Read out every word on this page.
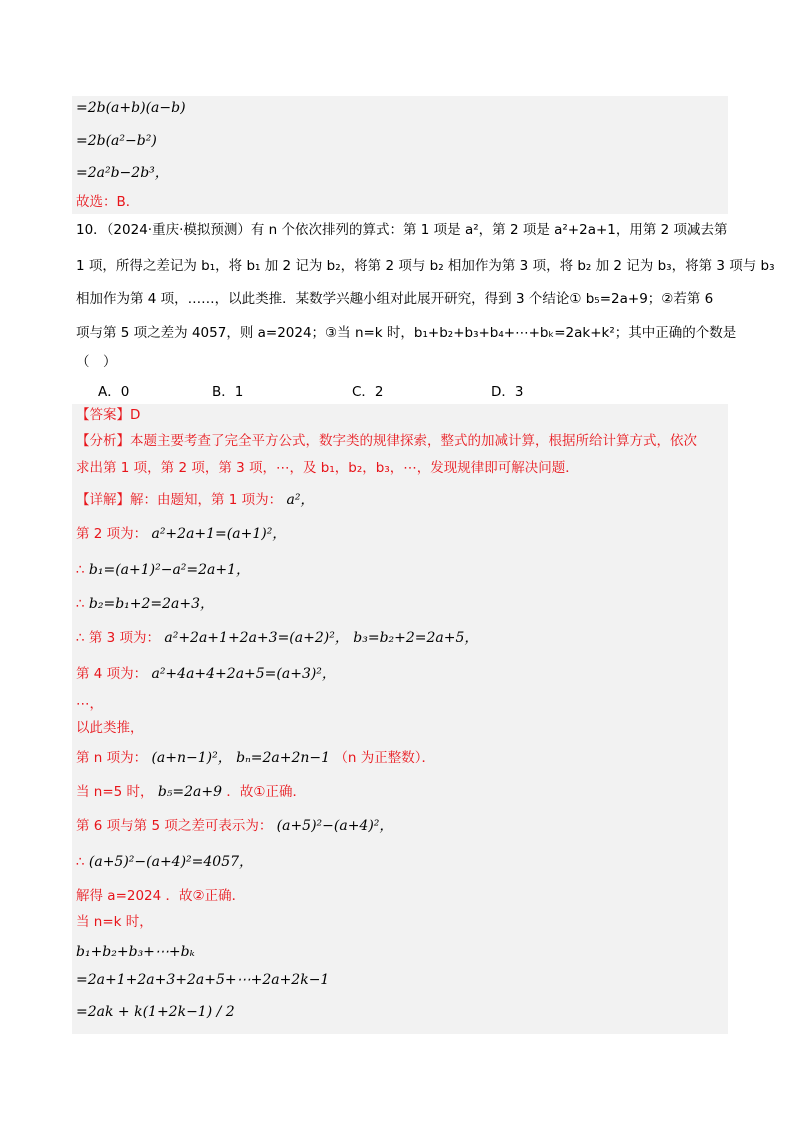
=2b(a+b)(a−b)
=2b(a²−b²)
=2a²b−2b³，
故选：B．
10．（2024·重庆·模拟预测）有 n 个依次排列的算式：第 1 项是 a²，第 2 项是 a²+2a+1，用第 2 项减去第
1 项，所得之差记为 b₁，将 b₁ 加 2 记为 b₂，将第 2 项与 b₂ 相加作为第 3 项，将 b₂ 加 2 记为 b₃，将第 3 项与 b₃
相加作为第 4 项，……，以此类推．某数学兴趣小组对此展开研究，得到 3 个结论① b₅=2a+9；②若第 6
项与第 5 项之差为 4057，则 a=2024；③当 n=k 时，b₁+b₂+b₃+b₄+⋯+bₖ=2ak+k²；其中正确的个数是
（　）
A．0	B．1	C．2	D．3
【答案】D
【分析】本题主要考查了完全平方公式，数字类的规律探索，整式的加减计算，根据所给计算方式，依次
求出第 1 项，第 2 项，第 3 项，⋯，及 b₁，b₂，b₃，⋯，发现规律即可解决问题．
【详解】解：由题知，第 1 项为： a²，
第 2 项为： a²+2a+1=(a+1)²，
∴ b₁=(a+1)²−a²=2a+1，
∴ b₂=b₁+2=2a+3，
∴ 第 3 项为： a²+2a+1+2a+3=(a+2)²， b₃=b₂+2=2a+5，
第 4 项为： a²+4a+4+2a+5=(a+3)²，
⋯，
以此类推，
第 n 项为： (a+n−1)²， bₙ=2a+2n−1 （n 为正整数）．
当 n=5 时， b₅=2a+9 ．故①正确．
第 6 项与第 5 项之差可表示为： (a+5)²−(a+4)²，
∴ (a+5)²−(a+4)²=4057，
解得 a=2024 ．故②正确．
当 n=k 时，
b₁+b₂+b₃+⋯+bₖ
=2a+1+2a+3+2a+5+⋯+2a+2k−1
=2ak + k(1+2k−1) / 2
